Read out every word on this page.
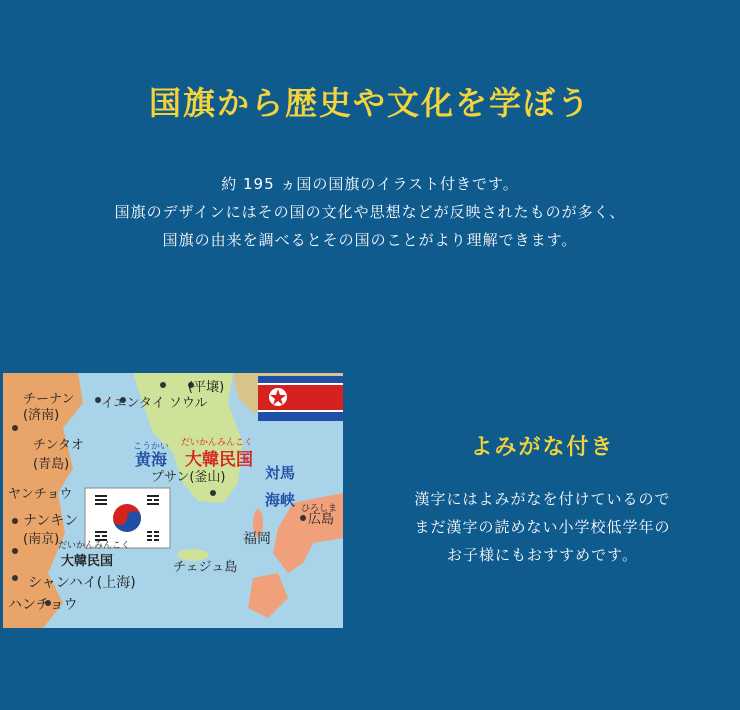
国旗から歴史や文化を学ぼう
約 195 ヵ国の国旗のイラスト付きです。
国旗のデザインにはその国の文化や思想などが反映されたものが多く、
国旗の由来を調べるとその国のことがより理解できます。
(平壌)
イエンタイ ソウル
チーナン
(済南)
チンタオ
(青島)
こうかい
黄海
だいかんみんこく
大韓民国
プサン(釜山)	対馬
海峡
福岡
広島
ひろしま
ナンキン
(南京)
だいかんみんこく
大韓民国
シャンハイ(上海)
ハンチョウ
チェジュ島
ヤンチョウ
よみがな付き
漢字にはよみがなを付けているので
まだ漢字の読めない小学校低学年の
お子様にもおすすめです。
